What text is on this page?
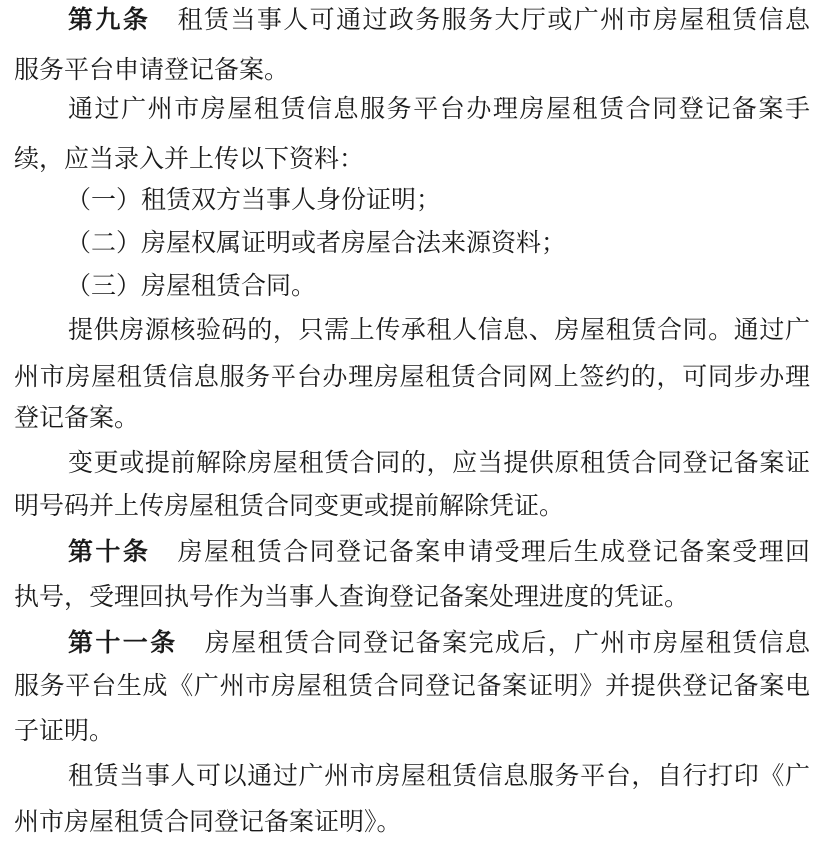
第九条 租赁当事人可通过政务服务大厅或广州市房屋租赁信息
服务平台申请登记备案。
通过广州市房屋租赁信息服务平台办理房屋租赁合同登记备案手
续，应当录入并上传以下资料：
（一）租赁双方当事人身份证明；
（二）房屋权属证明或者房屋合法来源资料；
（三）房屋租赁合同。
提供房源核验码的，只需上传承租人信息、房屋租赁合同。通过广
州市房屋租赁信息服务平台办理房屋租赁合同网上签约的，可同步办理
登记备案。
变更或提前解除房屋租赁合同的，应当提供原租赁合同登记备案证
明号码并上传房屋租赁合同变更或提前解除凭证。
第十条 房屋租赁合同登记备案申请受理后生成登记备案受理回
执号，受理回执号作为当事人查询登记备案处理进度的凭证。
第十一条 房屋租赁合同登记备案完成后，广州市房屋租赁信息
服务平台生成《广州市房屋租赁合同登记备案证明》并提供登记备案电
子证明。
租赁当事人可以通过广州市房屋租赁信息服务平台，自行打印《广
州市房屋租赁合同登记备案证明》。
